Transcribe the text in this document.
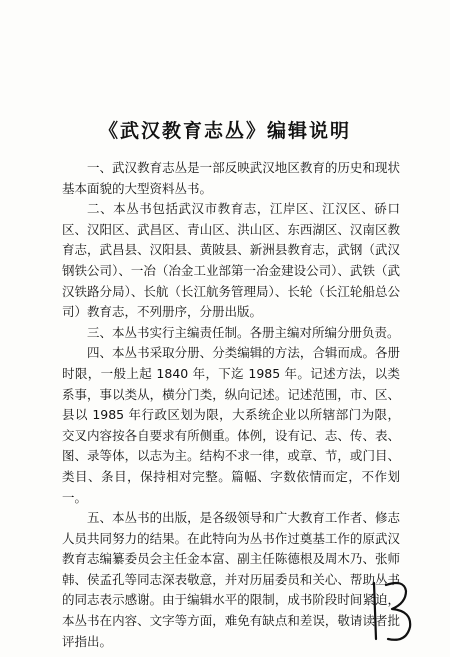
《武汉教育志丛》编辑说明

一、武汉教育志丛是一部反映武汉地区教育的历史和现状基本面貌的大型资料丛书。

二、本丛书包括武汉市教育志，江岸区、江汉区、硚口区、汉阳区、武昌区、青山区、洪山区、东西湖区、汉南区教育志，武昌县、汉阳县、黄陂县、新洲县教育志，武钢（武汉钢铁公司）、一冶（冶金工业部第一冶金建设公司）、武铁（武汉铁路分局）、长航（长江航务管理局）、长轮（长江轮船总公司）教育志，不列册序，分册出版。

三、本丛书实行主编责任制。各册主编对所编分册负责。

四、本丛书采取分册、分类编辑的方法，合辑而成。各册时限，一般上起 1840 年，下迄 1985 年。记述方法，以类系事，事以类从，横分门类，纵向记述。记述范围，市、区、县以 1985 年行政区划为限，大系统企业以所辖部门为限，交叉内容按各自要求有所侧重。体例，设有记、志、传、表、图、录等体，以志为主。结构不求一律，或章、节，或门目、类目、条目，保持相对完整。篇幅、字数依情而定，不作划一。

五、本丛书的出版，是各级领导和广大教育工作者、修志人员共同努力的结果。在此特向为丛书作过奠基工作的原武汉教育志编纂委员会主任金本富、副主任陈德根及周木乃、张师韩、侯孟孔等同志深表敬意，并对历届委员和关心、帮助丛书的同志表示感谢。由于编辑水平的限制，成书阶段时间紧迫，本丛书在内容、文字等方面，难免有缺点和差误，敬请读者批评指出。
